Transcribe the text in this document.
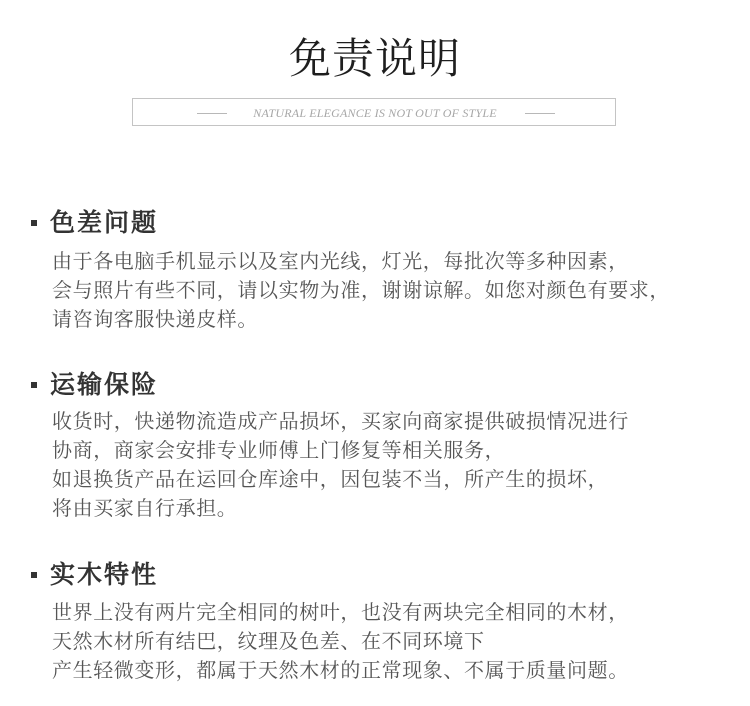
免责说明
NATURAL ELEGANCE IS NOT OUT OF STYLE
色差问题
由于各电脑手机显示以及室内光线，灯光，每批次等多种因素，
会与照片有些不同，请以实物为准，谢谢谅解。如您对颜色有要求，
请咨询客服快递皮样。
运输保险
收货时，快递物流造成产品损坏，买家向商家提供破损情况进行
协商，商家会安排专业师傅上门修复等相关服务，
如退换货产品在运回仓库途中，因包装不当，所产生的损坏，
将由买家自行承担。
实木特性
世界上没有两片完全相同的树叶，也没有两块完全相同的木材，
天然木材所有结巴，纹理及色差、在不同环境下
产生轻微变形，都属于天然木材的正常现象、不属于质量问题。
